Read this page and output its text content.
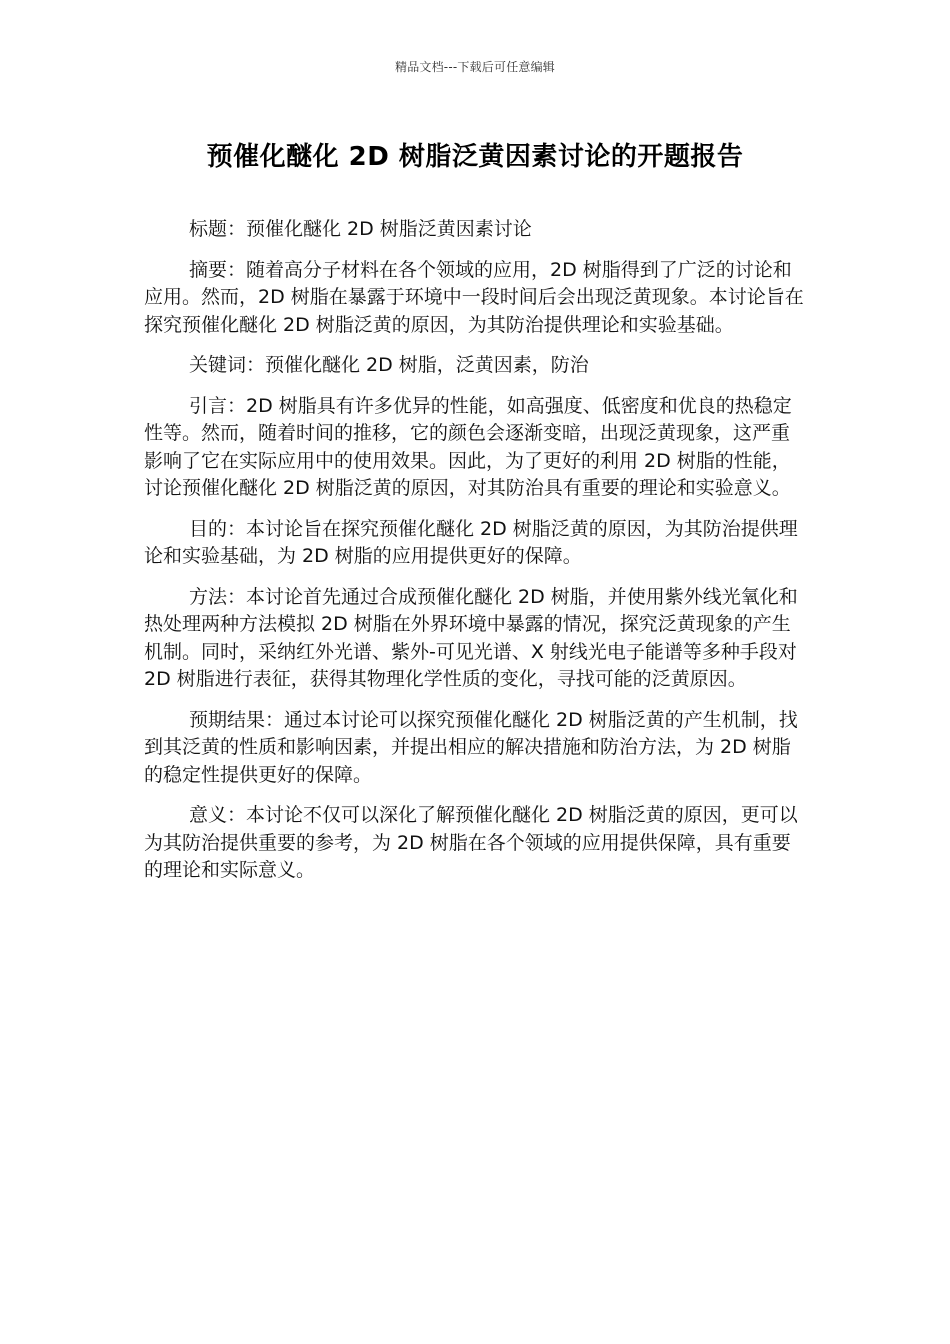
精品文档---下载后可任意编辑
预催化醚化 2D 树脂泛黄因素讨论的开题报告

标题：预催化醚化 2D 树脂泛黄因素讨论

摘要：随着高分子材料在各个领域的应用，2D 树脂得到了广泛的讨论和应用。然而，2D 树脂在暴露于环境中一段时间后会出现泛黄现象。本讨论旨在探究预催化醚化 2D 树脂泛黄的原因，为其防治提供理论和实验基础。

关键词：预催化醚化 2D 树脂，泛黄因素，防治

引言：2D 树脂具有许多优异的性能，如高强度、低密度和优良的热稳定性等。然而，随着时间的推移，它的颜色会逐渐变暗，出现泛黄现象，这严重影响了它在实际应用中的使用效果。因此，为了更好的利用 2D 树脂的性能，讨论预催化醚化 2D 树脂泛黄的原因，对其防治具有重要的理论和实验意义。

目的：本讨论旨在探究预催化醚化 2D 树脂泛黄的原因，为其防治提供理论和实验基础，为 2D 树脂的应用提供更好的保障。

方法：本讨论首先通过合成预催化醚化 2D 树脂，并使用紫外线光氧化和热处理两种方法模拟 2D 树脂在外界环境中暴露的情况，探究泛黄现象的产生机制。同时，采纳红外光谱、紫外-可见光谱、X 射线光电子能谱等多种手段对 2D 树脂进行表征，获得其物理化学性质的变化，寻找可能的泛黄原因。

预期结果：通过本讨论可以探究预催化醚化 2D 树脂泛黄的产生机制，找到其泛黄的性质和影响因素，并提出相应的解决措施和防治方法，为 2D 树脂的稳定性提供更好的保障。

意义：本讨论不仅可以深化了解预催化醚化 2D 树脂泛黄的原因，更可以为其防治提供重要的参考，为 2D 树脂在各个领域的应用提供保障，具有重要的理论和实际意义。
